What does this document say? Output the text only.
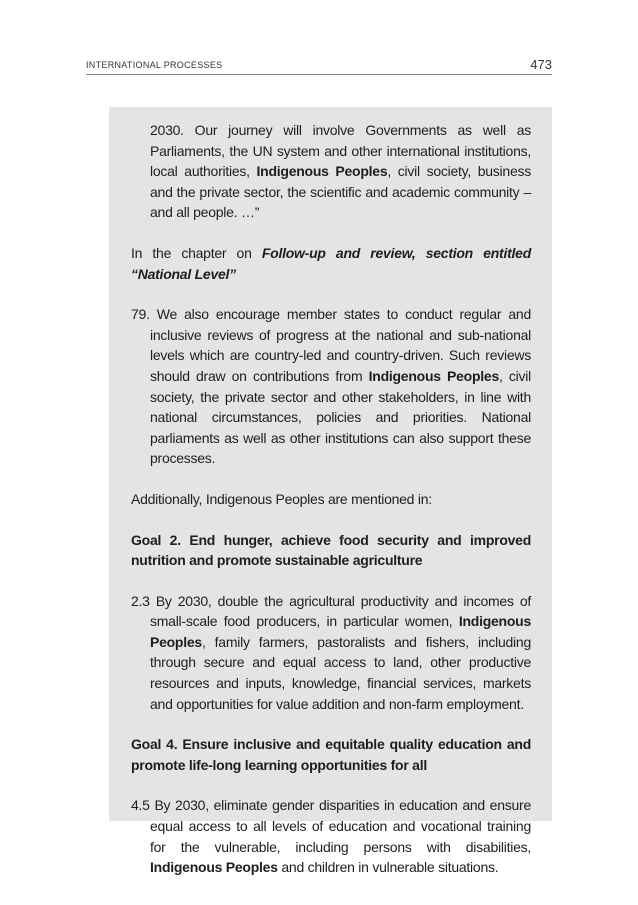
INTERNATIONAL PROCESSES	473

2030. Our journey will involve Governments as well as Parliaments, the UN system and other international institutions, local authorities, Indigenous Peoples, civil society, business and the private sector, the scientific and academic community – and all people. …”

In the chapter on Follow-up and review, section entitled “National Level”

79. We also encourage member states to conduct regular and inclusive reviews of progress at the national and sub-national levels which are country-led and country-driven. Such reviews should draw on contributions from Indigenous Peoples, civil society, the private sector and other stakeholders, in line with national circumstances, policies and priorities. National parliaments as well as other institutions can also support these processes.

Additionally, Indigenous Peoples are mentioned in:

Goal 2. End hunger, achieve food security and improved nutrition and promote sustainable agriculture

2.3 By 2030, double the agricultural productivity and incomes of small-scale food producers, in particular women, Indigenous Peoples, family farmers, pastoralists and fishers, including through secure and equal access to land, other productive resources and inputs, knowledge, financial services, markets and opportunities for value addition and non-farm employment.

Goal 4. Ensure inclusive and equitable quality education and promote life-long learning opportunities for all

4.5 By 2030, eliminate gender disparities in education and ensure equal access to all levels of education and vocational training for the vulnerable, including persons with disabilities, Indigenous Peoples and children in vulnerable situations.
